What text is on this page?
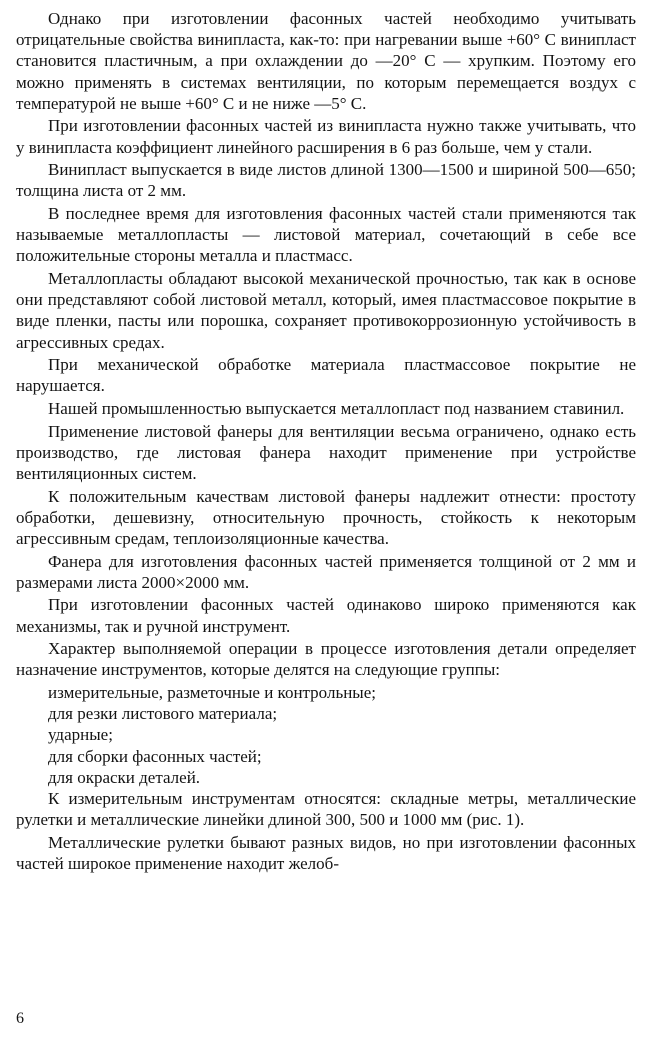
Однако при изготовлении фасонных частей необходимо учитывать отрицательные свойства винипласта, как-то: при нагревании выше +60° С винипласт становится пластичным, а при охлаждении до —20° С — хрупким. Поэтому его можно применять в системах вентиляции, по которым перемещается воздух с температурой не выше +60° С и не ниже —5° С.

При изготовлении фасонных частей из винипласта нужно также учитывать, что у винипласта коэффициент линейного расширения в 6 раз больше, чем у стали.

Винипласт выпускается в виде листов длиной 1300—1500 и шириной 500—650; толщина листа от 2 мм.

В последнее время для изготовления фасонных частей стали применяются так называемые металлопласты — листовой материал, сочетающий в себе все положительные стороны металла и пластмасс.

Металлопласты обладают высокой механической прочностью, так как в основе они представляют собой листовой металл, который, имея пластмассовое покрытие в виде пленки, пасты или порошка, сохраняет противокоррозионную устойчивость в агрессивных средах.

При механической обработке материала пластмассовое покрытие не нарушается.

Нашей промышленностью выпускается металлопласт под названием ставинил.

Применение листовой фанеры для вентиляции весьма ограничено, однако есть производство, где листовая фанера находит применение при устройстве вентиляционных систем.

К положительным качествам листовой фанеры надлежит отнести: простоту обработки, дешевизну, относительную прочность, стойкость к некоторым агрессивным средам, теплоизоляционные качества.

Фанера для изготовления фасонных частей применяется толщиной от 2 мм и размерами листа 2000×2000 мм.

При изготовлении фасонных частей одинаково широко применяются как механизмы, так и ручной инструмент.

Характер выполняемой операции в процессе изготовления детали определяет назначение инструментов, которые делятся на следующие группы:

измерительные, разметочные и контрольные;
для резки листового материала;
ударные;
для сборки фасонных частей;
для окраски деталей.

К измерительным инструментам относятся: складные метры, металлические рулетки и металлические линейки длиной 300, 500 и 1000 мм (рис. 1).

Металлические рулетки бывают разных видов, но при изготовлении фасонных частей широкое применение находит желоб-

6
